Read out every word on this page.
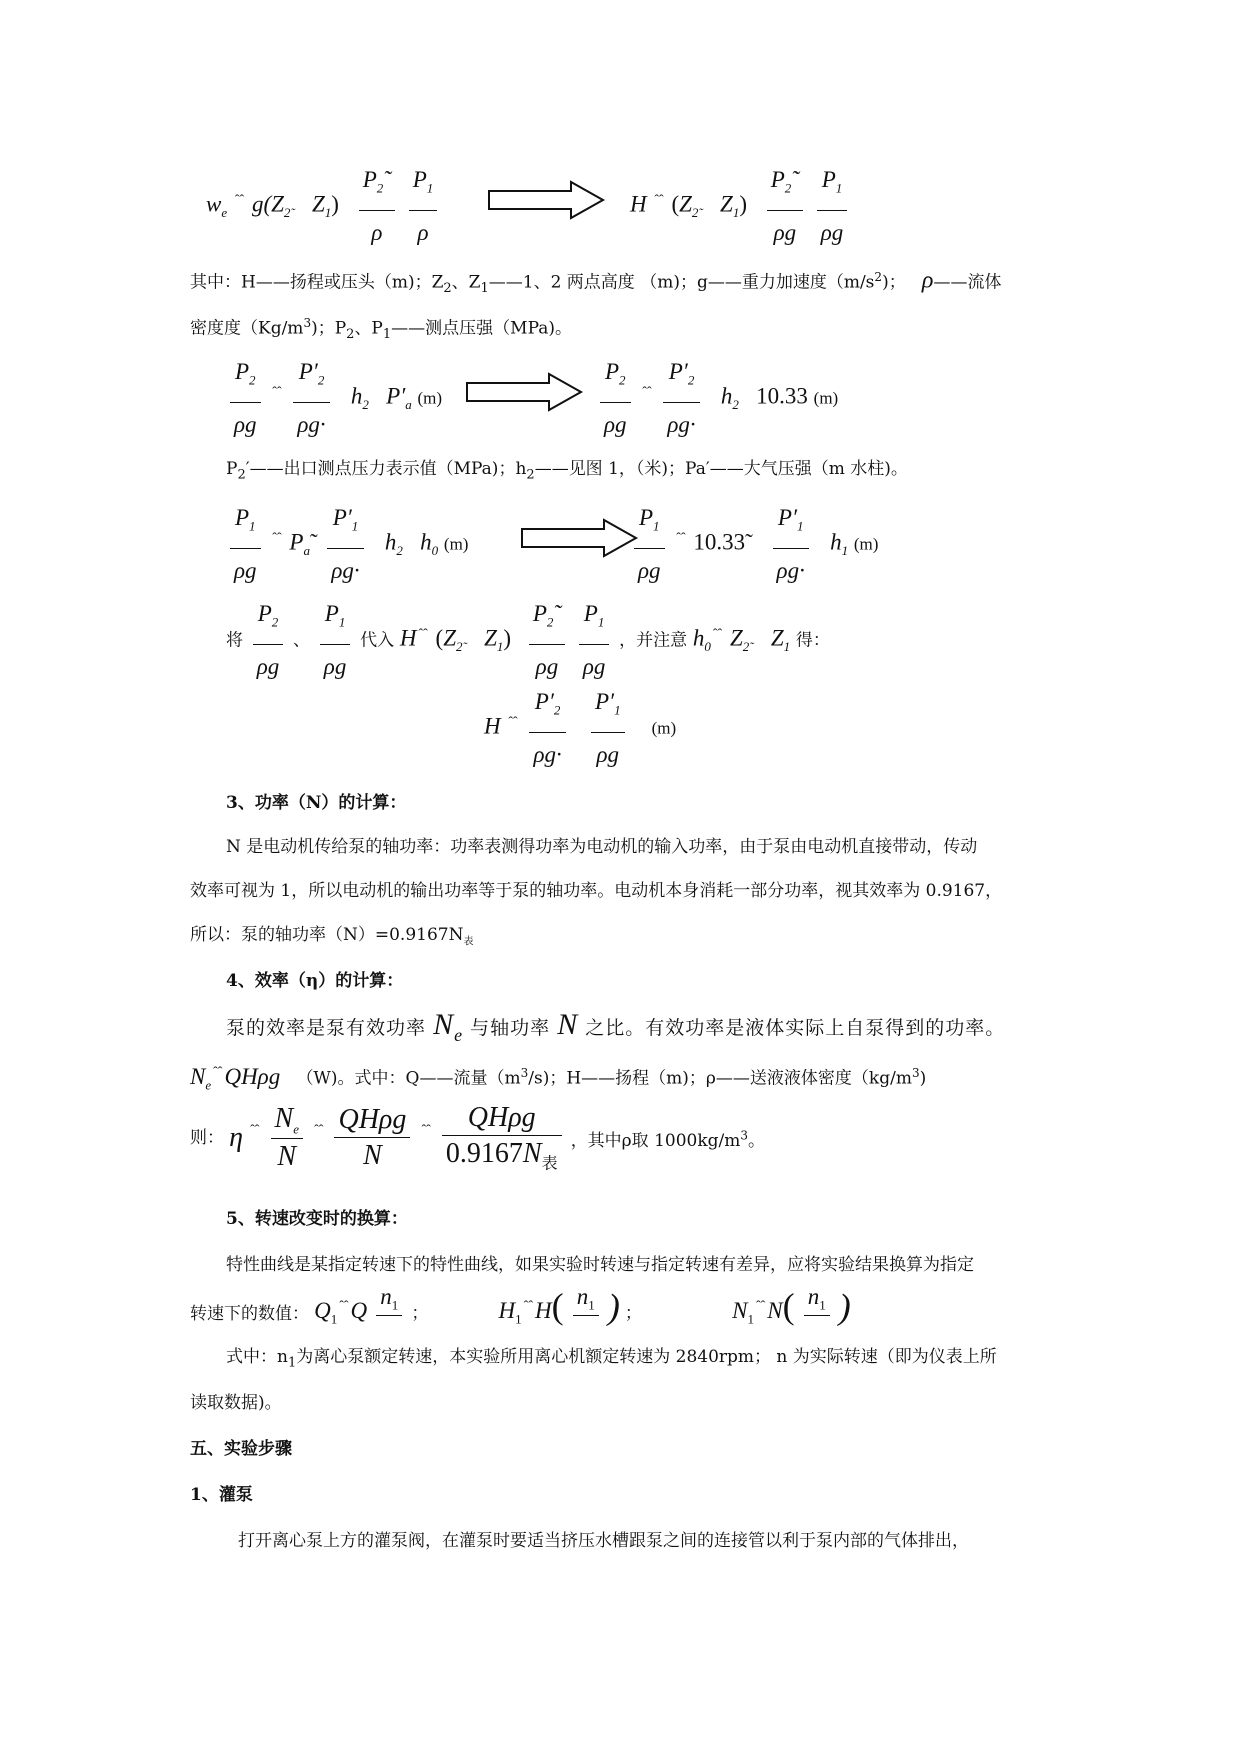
$w_e$ $^{ˆˆ}$ $g(Z_{2˜}$ $Z_1) \frac{P_2˜}{\rho}$
$\frac{P_1}{\rho}$	H $^{ˆˆ}$ ($Z_{2˜}$ $Z_1) \frac{P_2˜}{\rho g}$
$\frac{P_1}{\rho g}$
其中：H——扬程或压头（m)；$Z_2$、$Z_1——1$、2 两点高度 （m)；g——重力加速度$(m/s^2)$； ρ——流体
密度度$(Kg/m^3)$；$P_2$、$P_1——$测点压强（MPa)。
$\frac{P_2}{\rho g} ^{ˆˆ} \frac{P'_2}{\rho g\cdot} h_2$ $P'_a$ (m)	$\frac{P_2}{\rho g} ^{ˆˆ} \frac{P'_2}{\rho g\cdot} h_2$ 10.33 (m)
$P_2'——$出口测点压力表示值（MPa)；$h_2——$见图 1，（米)；Pa′——大气压强（m 水柱)。
$\frac{P_1}{\rho g} ^{ˆˆ}$ $P_a˜ \frac{P'_1}{\rho g\cdot} h_2$ $h_0$ (m)	$\frac{P_1}{\rho g} ^{ˆˆ}$ 10.33˜ $\frac{P'_1}{\rho g\cdot} h_1$ (m)
将 $\frac{P_2}{\rho g}$ 、 $\frac{P_1}{\rho g}$ 代入 H $^{ˆˆ}$ ($Z_{2˜}$ $Z_1) \frac{P_2˜}{\rho g}$
$\frac{P_1}{\rho g}$ ，并注意 $h_0^{ˆˆ}$ $Z_{2˜}$ $Z_1$ 得：
H $^{ˆˆ} \frac{P'_2}{\rho g\cdot}$
$\frac{P'_1}{\rho g} (m)$
3、功率（N）的计算：
N 是电动机传给泵的轴功率：功率表测得功率为电动机的输入功率，由于泵由电动机直接带动，传动
效率可视为 1，所以电动机的输出功率等于泵的轴功率。电动机本身消耗一部分功率，视其效率为 0.9167，
所以：泵的轴功率$(N)=0.9167N_表$
4、效率（η）的计算：
泵的效率是泵有效功率 $N_e$ 与轴功率 N 之比。有效功率是液体实际上自泵得到的功率。
$N_e^{ˆˆ}QH\rho g$ （W)。式中：Q——流量$(m^3/s)$；H——扬程（m)；ρ——送液液体密度$(kg/m^3)$
则： η ˆˆ $\frac{N_e}{N}$ ˆˆ $\frac{\text{QHρg}}{N}$ ˆˆ $\frac{\text{QHρg}}{0.9167N_表}$ ，其中ρ取 $1000kg/m^3$。
5、转速改变时的换算：
特性曲线是某指定转速下的特性曲线，如果实验时转速与指定转速有差异，应将实验结果换算为指定
转速下的数值： $Q_1^{ˆˆ}Q$
$n_1$
；	$H_1^{ˆˆ}H$( $n_1$
) ；	$N_1^{ˆˆ}N$( $n_1$
)
式中：$n_1$为离心泵额定转速，本实验所用离心机额定转速为 2840rpm； n 为实际转速（即为仪表上所
读取数据)。
五、实验步骤
1、灌泵
打开离心泵上方的灌泵阀，在灌泵时要适当挤压水槽跟泵之间的连接管以利于泵内部的气体排出，
